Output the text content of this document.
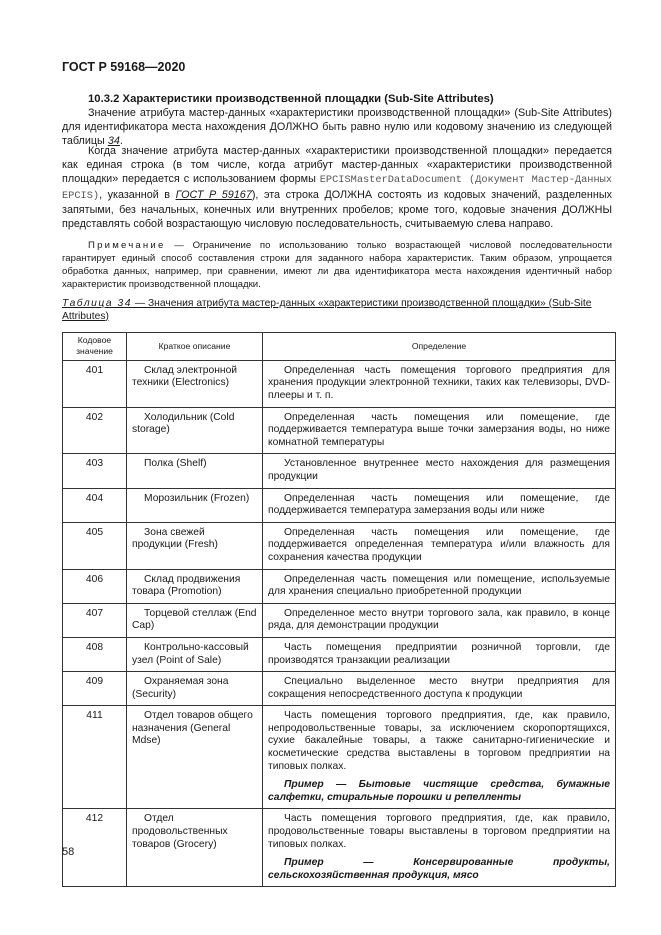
ГОСТ Р 59168—2020
10.3.2 Характеристики производственной площадки (Sub-Site Attributes)
Значение атрибута мастер-данных «характеристики производственной площадки» (Sub-Site Attributes) для идентификатора места нахождения ДОЛЖНО быть равно нулю или кодовому значению из следующей таблицы 34.
Когда значение атрибута мастер-данных «характеристики производственной площадки» передается как единая строка (в том числе, когда атрибут мастер-данных «характеристики производственной площадки» передается с использованием формы EPCISMasterDataDocument (Документ Мастер-Данных EPCIS), указанной в ГОСТ Р 59167), эта строка ДОЛЖНА состоять из кодовых значений, разделенных запятыми, без начальных, конечных или внутренних пробелов; кроме того, кодовые значения ДОЛЖНЫ представлять собой возрастающую числовую последовательность, считываемую слева направо.
Примечание — Ограничение по использованию только возрастающей числовой последовательности гарантирует единый способ составления строки для заданного набора характеристик. Таким образом, упрощается обработка данных, например, при сравнении, имеют ли два идентификатора места нахождения идентичный набор характеристик производственной площадки.
Таблица 34 — Значения атрибута мастер-данных «характеристики производственной площадки» (Sub-Site Attributes)
Кодовое значение	Краткое описание	Определение
401	Склад электронной техники (Electronics)	Определенная часть помещения торгового предприятия для хранения продукции электронной техники, таких как телевизоры, DVD-плееры и т. п.

402	Холодильник (Cold storage)	Определенная часть помещения или помещение, где поддерживается температура выше точки замерзания воды, но ниже комнатной температуры

403	Полка (Shelf)	Установленное внутреннее место нахождения для размещения продукции

404	Морозильник (Frozen)	Определенная часть помещения или помещение, где поддерживается температура замерзания воды или ниже

405	Зона свежей продукции (Fresh)	Определенная часть помещения или помещение, где поддерживается определенная температура и/или влажность для сохранения качества продукции

406	Склад продвижения товара (Promotion)	Определенная часть помещения или помещение, используемые для хранения специально приобретенной продукции

407	Торцевой стеллаж (End Cap)	Определенное место внутри торгового зала, как правило, в конце ряда, для демонстрации продукции

408	Контрольно-кассовый узел (Point of Sale)	Часть помещения предприятии розничной торговли, где производятся транзакции реализации

409	Охраняемая зона (Security)	Специально выделенное место внутри предприятия для сокращения непосредственного доступа к продукции

411	Отдел товаров общего назначения (General Mdse)	Часть помещения торгового предприятия, где, как правило, непродовольственные товары, за исключением скоропортящихся, сухие бакалейные товары, а также санитарно-гигиенические и косметические средства выставлены в торговом предприятии на типовых полках.
Пример — Бытовые чистящие средства, бумажные салфетки, стиральные порошки и репелленты

412	Отдел продовольственных товаров (Grocery)	Часть помещения торгового предприятия, где, как правило, продовольственные товары выставлены в торговом предприятии на типовых полках.
Пример — Консервированные продукты, сельскохозяйственная продукция, мясо
58
